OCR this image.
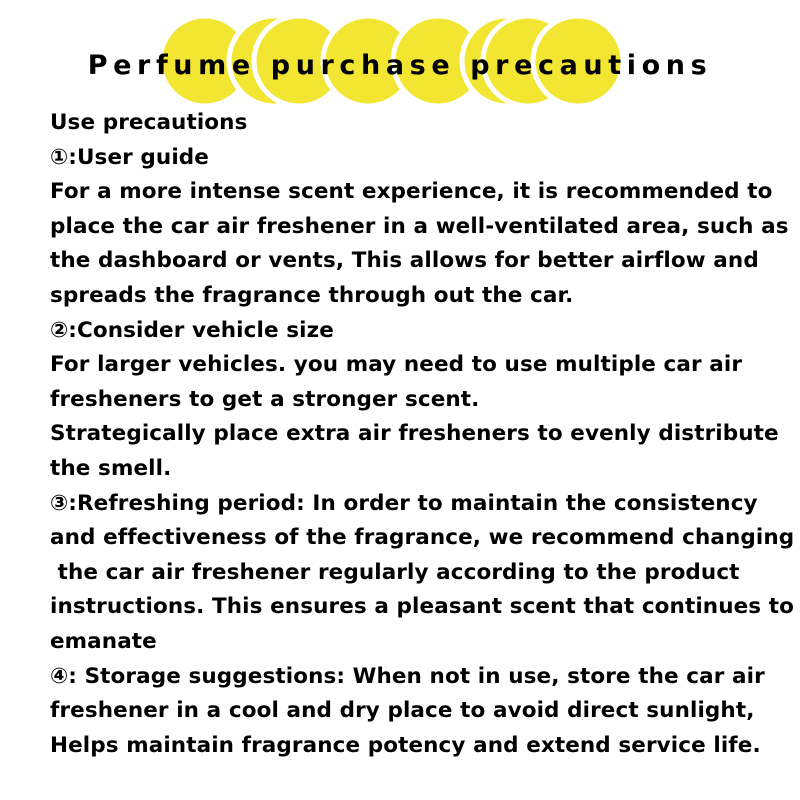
Perfume purchase precautions
Use precautions
①:User guide
For a more intense scent experience, it is recommended to
place the car air freshener in a well-ventilated area, such as
the dashboard or vents, This allows for better airflow and
spreads the fragrance through out the car.
②:Consider vehicle size
For larger vehicles. you may need to use multiple car air
fresheners to get a stronger scent.
Strategically place extra air fresheners to evenly distribute
the smell.
③:Refreshing period: In order to maintain the consistency
and effectiveness of the fragrance, we recommend changing
the car air freshener regularly according to the product
instructions. This ensures a pleasant scent that continues to
emanate
④: Storage suggestions: When not in use, store the car air
freshener in a cool and dry place to avoid direct sunlight,
Helps maintain fragrance potency and extend service life.
